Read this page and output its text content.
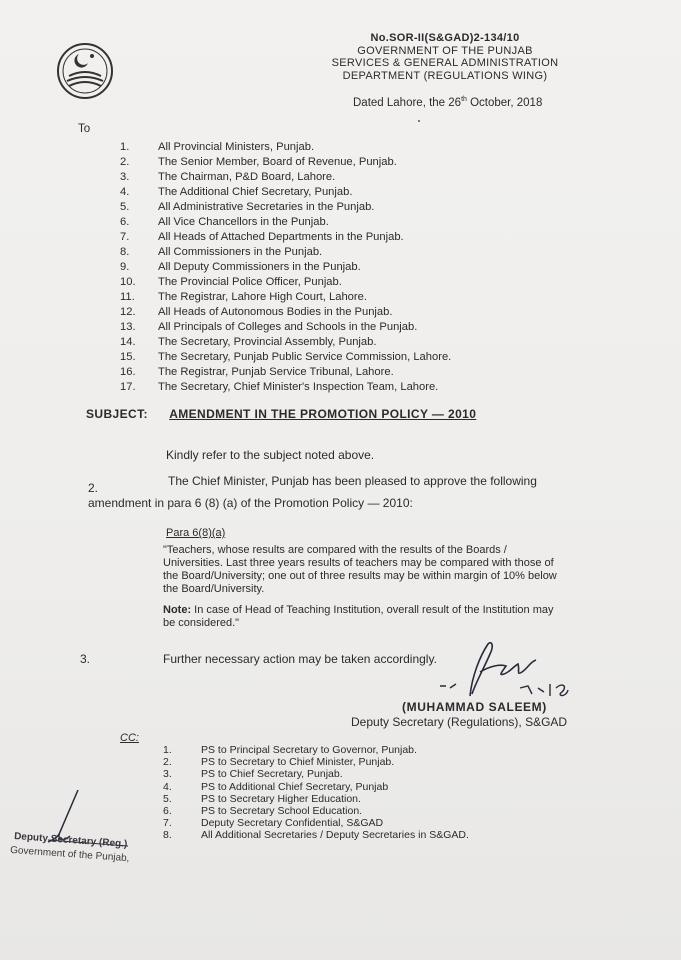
No.SOR-II(S&GAD)2-134/10
GOVERNMENT OF THE PUNJAB
SERVICES & GENERAL ADMINISTRATION
DEPARTMENT (REGULATIONS WING)
Dated Lahore, the 26th October, 2018
To
1.	All Provincial Ministers, Punjab.
2.	The Senior Member, Board of Revenue, Punjab.
3.	The Chairman, P&D Board, Lahore.
4.	The Additional Chief Secretary, Punjab.
5.	All Administrative Secretaries in the Punjab.
6.	All Vice Chancellors in the Punjab.
7.	All Heads of Attached Departments in the Punjab.
8.	All Commissioners in the Punjab.
9.	All Deputy Commissioners in the Punjab.
10.	The Provincial Police Officer, Punjab.
11.	The Registrar, Lahore High Court, Lahore.
12.	All Heads of Autonomous Bodies in the Punjab.
13.	All Principals of Colleges and Schools in the Punjab.
14.	The Secretary, Provincial Assembly, Punjab.
15.	The Secretary, Punjab Public Service Commission, Lahore.
16.	The Registrar, Punjab Service Tribunal, Lahore.
17.	The Secretary, Chief Minister's Inspection Team, Lahore.
SUBJECT: AMENDMENT IN THE PROMOTION POLICY — 2010
Kindly refer to the subject noted above.
2.	The Chief Minister, Punjab has been pleased to approve the following
amendment in para 6 (8) (a) of the Promotion Policy — 2010:
Para 6(8)(a)
"Teachers, whose results are compared with the results of the Boards / Universities. Last three years results of teachers may be compared with those of the Board/University; one out of three results may be within margin of 10% below the Board/University.
Note: In case of Head of Teaching Institution, overall result of the Institution may be considered."
3.	Further necessary action may be taken accordingly.
(MUHAMMAD SALEEM)
Deputy Secretary (Regulations), S&GAD
CC:
1.	PS to Principal Secretary to Governor, Punjab.
2.	PS to Secretary to Chief Minister, Punjab.
3.	PS to Chief Secretary, Punjab.
4.	PS to Additional Chief Secretary, Punjab
5.	PS to Secretary Higher Education.
6.	PS to Secretary School Education.
7.	Deputy Secretary Confidential, S&GAD
8.	All Additional Secretaries / Deputy Secretaries in S&GAD.
Deputy Secretary (Reg.)
Government of the Punjab,
